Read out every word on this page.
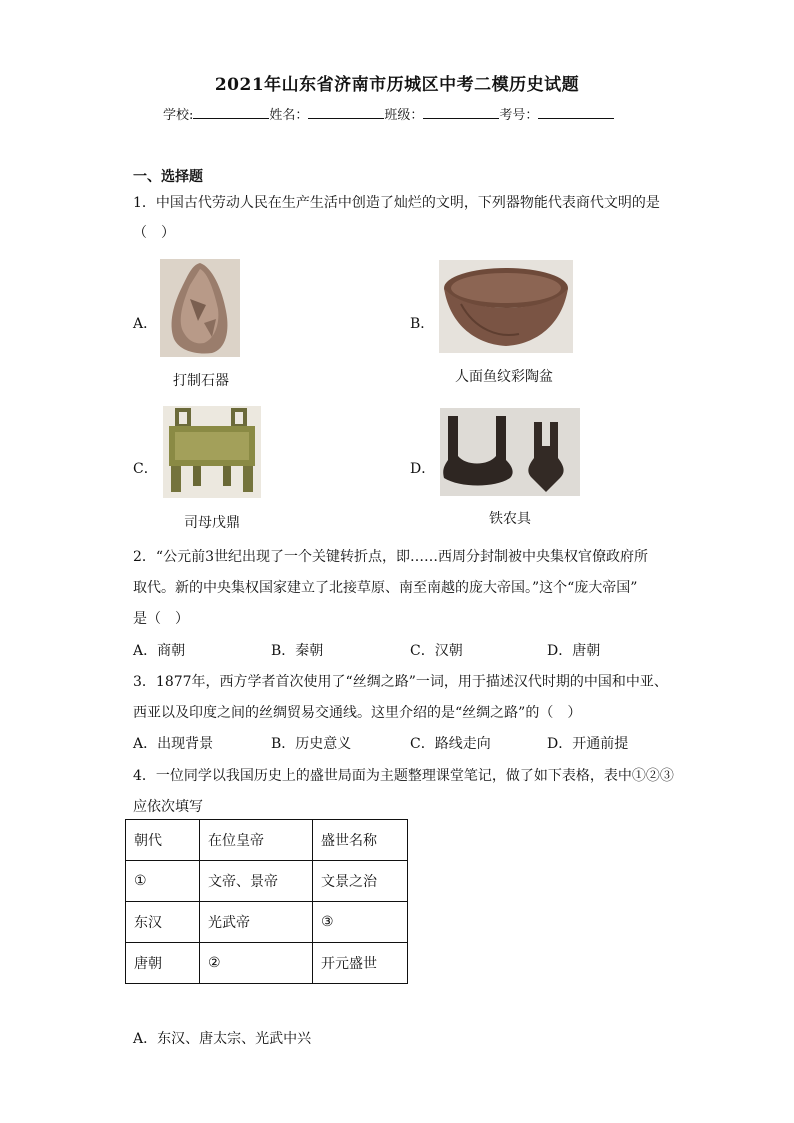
2021年山东省济南市历城区中考二模历史试题
学校:	姓名：	班级：	考号：
一、选择题
1．中国古代劳动人民在生产生活中创造了灿烂的文明，下列器物能代表商代文明的是
（　）
A．
打制石器
B．
人面鱼纹彩陶盆
C．
司母戊鼎
D．
铁农具
2．“公元前3世纪出现了一个关键转折点，即……西周分封制被中央集权官僚政府所
取代。新的中央集权国家建立了北接草原、南至南越的庞大帝国。”这个“庞大帝国”
是（　）
A．商朝	B．秦朝	C．汉朝	D．唐朝
3．1877年，西方学者首次使用了“丝绸之路”一词，用于描述汉代时期的中国和中亚、
西亚以及印度之间的丝绸贸易交通线。这里介绍的是“丝绸之路”的（　）
A．出现背景	B．历史意义	C．路线走向	D．开通前提
4．一位同学以我国历史上的盛世局面为主题整理课堂笔记，做了如下表格，表中①②③
应依次填写
朝代	在位皇帝	盛世名称
①	文帝、景帝	文景之治
东汉	光武帝	③
唐朝	②	开元盛世
A．东汉、唐太宗、光武中兴
